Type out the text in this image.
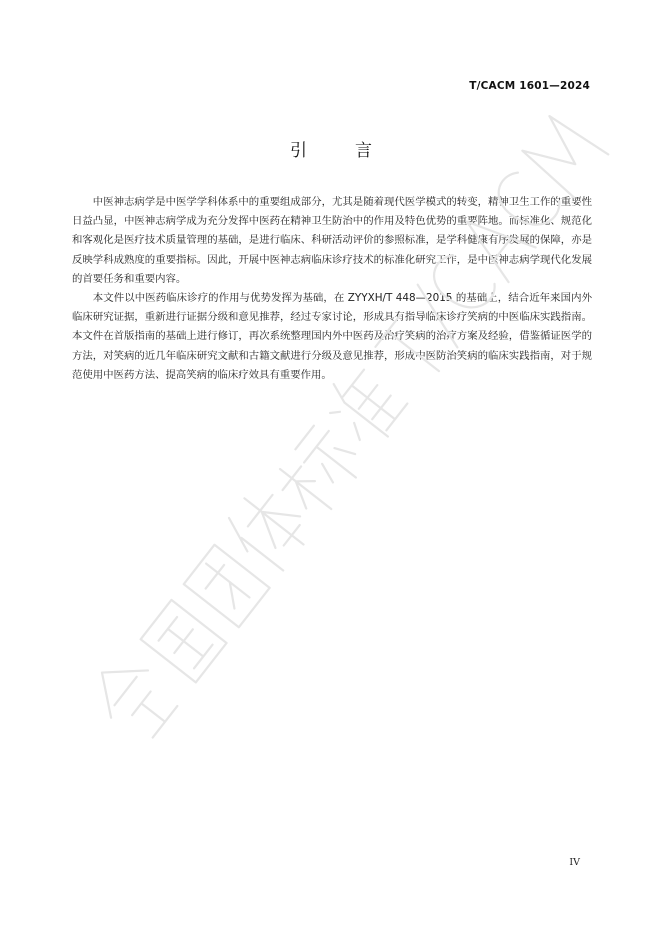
T/CACM 1601—2024
引	言

中医神志病学是中医学学科体系中的重要组成部分，尤其是随着现代医学模式的转变，精神卫生工作的重要性日益凸显，中医神志病学成为充分发挥中医药在精神卫生防治中的作用及特色优势的重要阵地。而标准化、规范化和客观化是医疗技术质量管理的基础，是进行临床、科研活动评价的参照标准，是学科健康有序发展的保障，亦是反映学科成熟度的重要指标。因此，开展中医神志病临床诊疗技术的标准化研究工作，是中医神志病学现代化发展的首要任务和重要内容。

本文件以中医药临床诊疗的作用与优势发挥为基础，在 ZYYXH/T 448—2015 的基础上，结合近年来国内外临床研究证据，重新进行证据分级和意见推荐，经过专家讨论，形成具有指导临床诊疗笑病的中医临床实践指南。本文件在首版指南的基础上进行修订，再次系统整理国内外中医药及治疗笑病的治疗方案及经验，借鉴循证医学的方法，对笑病的近几年临床研究文献和古籍文献进行分级及意见推荐，形成中医防治笑病的临床实践指南，对于规范使用中医药方法、提高笑病的临床疗效具有重要作用。

IV
